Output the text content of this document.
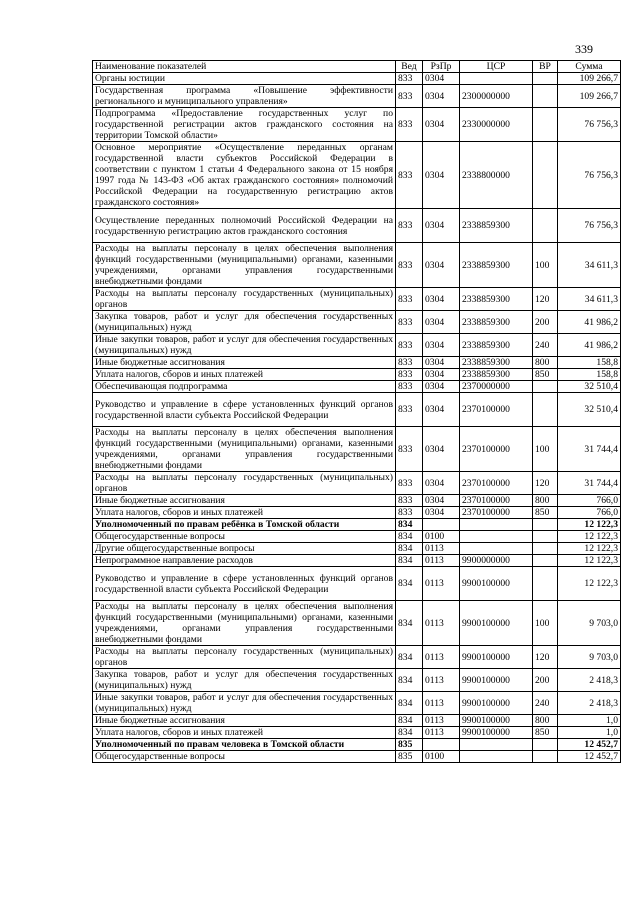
339
Наименование показателей	Вед	РзПр	ЦСР	ВР	Сумма
Органы юстиции	833	0304			109 266,7
Государственная программа «Повышение эффективности регионального и муниципального управления»	833	0304	2300000000		109 266,7
Подпрограмма «Предоставление государственных услуг по государственной регистрации актов гражданского состояния на территории Томской области»	833	0304	2330000000		76 756,3
Основное мероприятие «Осуществление переданных органам государственной власти субъектов Российской Федерации в соответствии с пунктом 1 статьи 4 Федерального закона от 15 ноября 1997 года № 143-ФЗ «Об актах гражданского состояния» полномочий Российской Федерации на государственную регистрацию актов гражданского состояния»	833	0304	2338800000		76 756,3
Осуществление переданных полномочий Российской Федерации на государственную регистрацию актов гражданского состояния	833	0304	2338859300		76 756,3
Расходы на выплаты персоналу в целях обеспечения выполнения функций государственными (муниципальными) органами, казенными учреждениями, органами управления государственными внебюджетными фондами	833	0304	2338859300	100	34 611,3
Расходы на выплаты персоналу государственных (муниципальных) органов	833	0304	2338859300	120	34 611,3
Закупка товаров, работ и услуг для обеспечения государственных (муниципальных) нужд	833	0304	2338859300	200	41 986,2
Иные закупки товаров, работ и услуг для обеспечения государственных (муниципальных) нужд	833	0304	2338859300	240	41 986,2
Иные бюджетные ассигнования	833	0304	2338859300	800	158,8
Уплата налогов, сборов и иных платежей	833	0304	2338859300	850	158,8
Обеспечивающая подпрограмма	833	0304	2370000000		32 510,4
Руководство и управление в сфере установленных функций органов государственной власти субъекта Российской Федерации	833	0304	2370100000		32 510,4
Расходы на выплаты персоналу в целях обеспечения выполнения функций государственными (муниципальными) органами, казенными учреждениями, органами управления государственными внебюджетными фондами	833	0304	2370100000	100	31 744,4
Расходы на выплаты персоналу государственных (муниципальных) органов	833	0304	2370100000	120	31 744,4
Иные бюджетные ассигнования	833	0304	2370100000	800	766,0
Уплата налогов, сборов и иных платежей	833	0304	2370100000	850	766,0
Уполномоченный по правам ребёнка в Томской области	834				12 122,3
Общегосударственные вопросы	834	0100			12 122,3
Другие общегосударственные вопросы	834	0113			12 122,3
Непрограммное направление расходов	834	0113	9900000000		12 122,3
Руководство и управление в сфере установленных функций органов государственной власти субъекта Российской Федерации	834	0113	9900100000		12 122,3
Расходы на выплаты персоналу в целях обеспечения выполнения функций государственными (муниципальными) органами, казенными учреждениями, органами управления государственными внебюджетными фондами	834	0113	9900100000	100	9 703,0
Расходы на выплаты персоналу государственных (муниципальных) органов	834	0113	9900100000	120	9 703,0
Закупка товаров, работ и услуг для обеспечения государственных (муниципальных) нужд	834	0113	9900100000	200	2 418,3
Иные закупки товаров, работ и услуг для обеспечения государственных (муниципальных) нужд	834	0113	9900100000	240	2 418,3
Иные бюджетные ассигнования	834	0113	9900100000	800	1,0
Уплата налогов, сборов и иных платежей	834	0113	9900100000	850	1,0
Уполномоченный по правам человека в Томской области	835				12 452,7
Общегосударственные вопросы	835	0100			12 452,7
